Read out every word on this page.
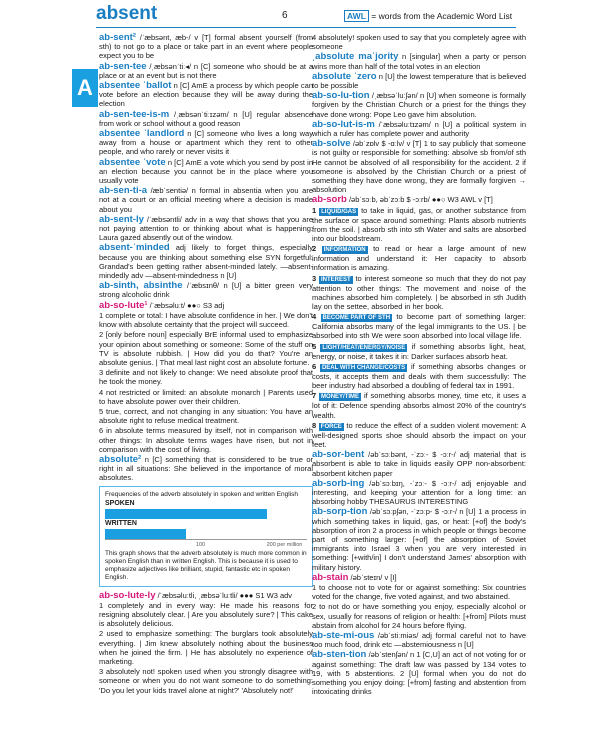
absent	6	AWL = words from the Academic Word List
A
ab-sent² /ˈæbsənt, æb-/ v [T] formal absent yourself (from sth) to not go to a place or take part in an event where people expect you to be
ab-sen-tee /ˌæbsənˈtiː◂/ n [C] someone who should be at a place or at an event but is not there
absentee ˈballot n [C] AmE a process by which people can vote before an election because they will be away during the election
ab-sen-tee-is-m /ˌæbsənˈtiːɪzəm/ n [U] regular absence from work or school without a good reason
absentee ˈlandlord n [C] someone who lives a long way away from a house or apartment which they rent to other people, and who rarely or never visits it
absentee ˈvote n [C] AmE a vote which you send by post in an election because you cannot be in the place where you usually vote
ab-sen-ti-a /æbˈsentiə/ n formal in absentia when you are not at a court or an official meeting where a decision is made about you
ab-sent-ly /ˈæbsəntli/ adv in a way that shows that you are not paying attention to or thinking about what is happening: Laura gazed absently out of the window.
absent-ˈminded adj likely to forget things, especially because you are thinking about something else SYN forgetful: Grandad's been getting rather absent-minded lately. —absent-mindedly adv —absent-mindedness n [U]
ab-sinth, absinthe /ˈæbsɪnθ/ n [U] a bitter green very strong alcoholic drink
ab-so-lute¹ /ˈæbsəluːt/ ●●○ S3 adj
1 complete or total: I have absolute confidence in her. | We don't know with absolute certainty that the project will succeed.
2 [only before noun] especially BrE informal used to emphasize your opinion about something or someone: Some of the stuff on TV is absolute rubbish. | How did you do that? You're an absolute genius. | That meal last night cost an absolute fortune.
3 definite and not likely to change: We need absolute proof that he took the money.
4 not restricted or limited: an absolute monarch | Parents used to have absolute power over their children.
5 true, correct, and not changing in any situation: You have an absolute right to refuse medical treatment.
6 in absolute terms measured by itself, not in comparison with other things: In absolute terms wages have risen, but not in comparison with the cost of living.
absolute² n [C] something that is considered to be true or right in all situations: She believed in the importance of moral absolutes.
Frequencies of the adverb absolutely in spoken and written English
SPOKEN
WRITTEN
100	200 per million
This graph shows that the adverb absolutely is much more common in spoken English than in written English. This is because it is used to emphasize adjectives like brilliant, stupid, fantastic etc in spoken English.
ab-so-lute-ly /ˈæbsəluːtli, ˌæbsəˈluːtli/ ●●● S1 W3 adv
1 completely and in every way: He made his reasons for resigning absolutely clear. | Are you absolutely sure? | This cake is absolutely delicious.
2 used to emphasize something: The burglars took absolutely everything. | Jim knew absolutely nothing about the business when he joined the firm. | He has absolutely no experience of marketing.
3 absolutely not! spoken used when you strongly disagree with someone or when you do not want someone to do something: 'Do you let your kids travel alone at night?' 'Absolutely not!'
4 absolutely! spoken used to say that you completely agree with someone
ˌabsolute maˈjority n [singular] when a party or person wins more than half of the total votes in an election
absolute ˈzero n [U] the lowest temperature that is believed to be possible
ab-so-lu-tion /ˌæbsəˈluːʃən/ n [U] when someone is formally forgiven by the Christian Church or a priest for the things they have done wrong: Pope Leo gave him absolution.
ab-so-lut-is-m /ˈæbsəluːtɪzəm/ n [U] a political system in which a ruler has complete power and authority
ab-solve /əbˈzɒlv $ -ɑːlv/ v [T] 1 to say publicly that someone is not guilty or responsible for something: absolve sb from/of sth He cannot be absolved of all responsibility for the accident. 2 if someone is absolved by the Christian Church or a priest of something they have done wrong, they are formally forgiven → absolution
ab-sorb /əbˈsɔːb, əbˈzɔːb $ -ɔːrb/ ●●○ W3 AWL v [T]
1 LIQUID/GAS to take in liquid, gas, or another substance from the surface or space around something: Plants absorb nutrients from the soil. | absorb sth into sth Water and salts are absorbed into our bloodstream.
2 INFORMATION to read or hear a large amount of new information and understand it: Her capacity to absorb information is amazing.
3 INTEREST to interest someone so much that they do not pay attention to other things: The movement and noise of the machines absorbed him completely. | be absorbed in sth Judith lay on the settee, absorbed in her book.
4 BECOME PART OF STH to become part of something larger: California absorbs many of the legal immigrants to the US. | be absorbed into sth We were soon absorbed into local village life.
5 LIGHT/HEAT/ENERGY/NOISE if something absorbs light, heat, energy, or noise, it takes it in: Darker surfaces absorb heat.
6 DEAL WITH CHANGE/COSTS if something absorbs changes or costs, it accepts them and deals with them successfully: The beer industry had absorbed a doubling of federal tax in 1991.
7 MONEY/TIME if something absorbs money, time etc, it uses a lot of it: Defence spending absorbs almost 20% of the country's wealth.
8 FORCE to reduce the effect of a sudden violent movement: A well-designed sports shoe should absorb the impact on your feet.
ab-sor-bent /əbˈsɔːbənt, -ˈzɔː- $ -ɔːr-/ adj material that is absorbent is able to take in liquids easily OPP non-absorbent: absorbent kitchen paper
ab-sorb-ing /əbˈsɔːbɪŋ, -ˈzɔː- $ -ɔːr-/ adj enjoyable and interesting, and keeping your attention for a long time: an absorbing hobby THESAURUS INTERESTING
ab-sorp-tion /əbˈsɔːpʃən, -ˈzɔːp- $ -ɔːr-/ n [U] 1 a process in which something takes in liquid, gas, or heat: [+of] the body's absorption of iron 2 a process in which people or things become part of something larger: [+of] the absorption of Soviet immigrants into Israel 3 when you are very interested in something: [+with/in] I don't understand James' absorption with military history.
ab-stain /əbˈsteɪn/ v [I]
1 to choose not to vote for or against something: Six countries voted for the change, five voted against, and two abstained.
2 to not do or have something you enjoy, especially alcohol or sex, usually for reasons of religion or health: [+from] Pilots must abstain from alcohol for 24 hours before flying.
ab-ste-mi-ous /əbˈstiːmiəs/ adj formal careful not to have too much food, drink etc —abstemiousness n [U]
ab-sten-tion /əbˈstenʃən/ n 1 [C,U] an act of not voting for or against something: The draft law was passed by 134 votes to 19, with 5 abstentions. 2 [U] formal when you do not do something you enjoy doing: [+from] fasting and abstention from intoxicating drinks
